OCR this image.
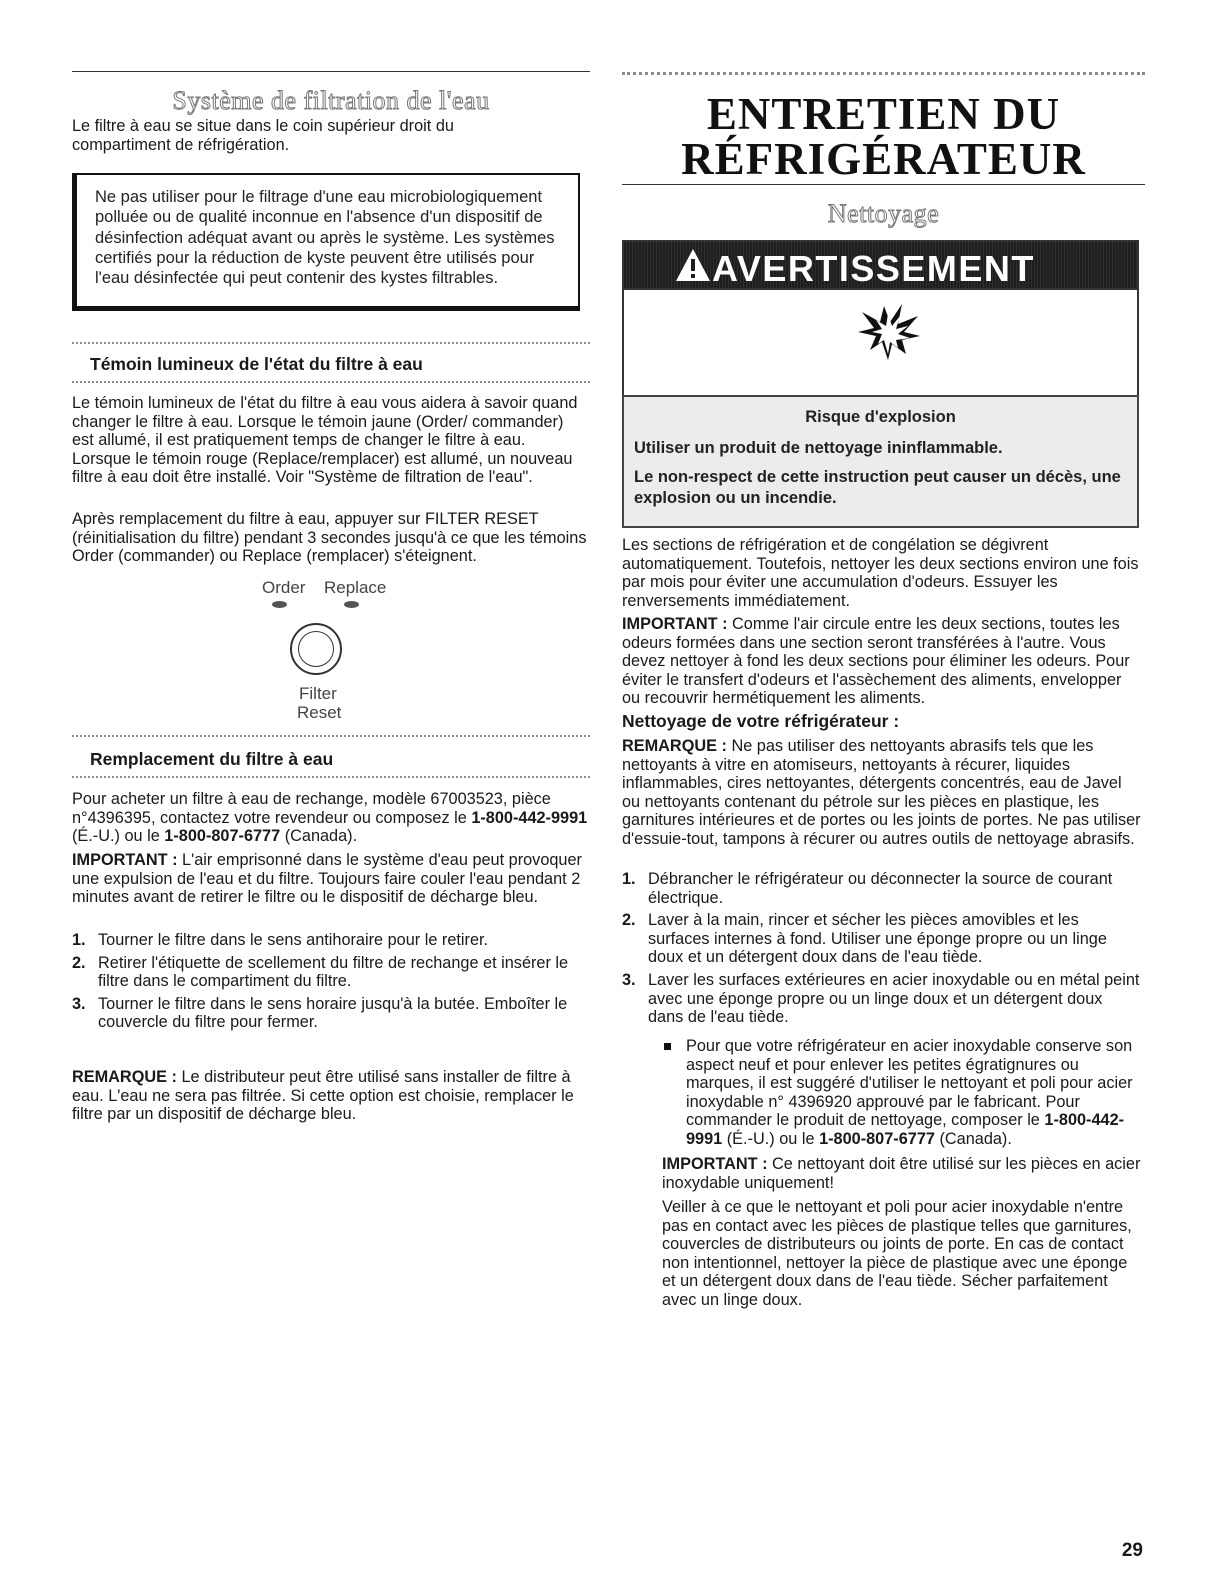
Système de filtration de l'eau

Le filtre à eau se situe dans le coin supérieur droit du compartiment de réfrigération.

Ne pas utiliser pour le filtrage d'une eau microbiologiquement polluée ou de qualité inconnue en l'absence d'un dispositif de désinfection adéquat avant ou après le système. Les systèmes certifiés pour la réduction de kyste peuvent être utilisés pour l'eau désinfectée qui peut contenir des kystes filtrables.

Témoin lumineux de l'état du filtre à eau

Le témoin lumineux de l'état du filtre à eau vous aidera à savoir quand changer le filtre à eau. Lorsque le témoin jaune (Order/ commander) est allumé, il est pratiquement temps de changer le filtre à eau. Lorsque le témoin rouge (Replace/remplacer) est allumé, un nouveau filtre à eau doit être installé. Voir "Système de filtration de l'eau".

Après remplacement du filtre à eau, appuyer sur FILTER RESET (réinitialisation du filtre) pendant 3 secondes jusqu'à ce que les témoins Order (commander) ou Replace (remplacer) s'éteignent.

Order Replace
Filter
Reset
Remplacement du filtre à eau

Pour acheter un filtre à eau de rechange, modèle 67003523, pièce n°4396395, contactez votre revendeur ou composez le 1-800-442-9991 (É.-U.) ou le 1-800-807-6777 (Canada).

IMPORTANT : L'air emprisonné dans le système d'eau peut provoquer une expulsion de l'eau et du filtre. Toujours faire couler l'eau pendant 2 minutes avant de retirer le filtre ou le dispositif de décharge bleu.

1. Tourner le filtre dans le sens antihoraire pour le retirer.
2. Retirer l'étiquette de scellement du filtre de rechange et insérer le filtre dans le compartiment du filtre.
3. Tourner le filtre dans le sens horaire jusqu'à la butée. Emboîter le couvercle du filtre pour fermer.

REMARQUE : Le distributeur peut être utilisé sans installer de filtre à eau. L'eau ne sera pas filtrée. Si cette option est choisie, remplacer le filtre par un dispositif de décharge bleu.

ENTRETIEN DU
RÉFRIGÉRATEUR
Nettoyage
AVERTISSEMENT
Risque d'explosion
Utiliser un produit de nettoyage ininflammable.
Le non-respect de cette instruction peut causer un décès, une explosion ou un incendie.

Les sections de réfrigération et de congélation se dégivrent automatiquement. Toutefois, nettoyer les deux sections environ une fois par mois pour éviter une accumulation d'odeurs. Essuyer les renversements immédiatement.

IMPORTANT : Comme l'air circule entre les deux sections, toutes les odeurs formées dans une section seront transférées à l'autre. Vous devez nettoyer à fond les deux sections pour éliminer les odeurs. Pour éviter le transfert d'odeurs et l'assèchement des aliments, envelopper ou recouvrir hermétiquement les aliments.

Nettoyage de votre réfrigérateur :

REMARQUE : Ne pas utiliser des nettoyants abrasifs tels que les nettoyants à vitre en atomiseurs, nettoyants à récurer, liquides inflammables, cires nettoyantes, détergents concentrés, eau de Javel ou nettoyants contenant du pétrole sur les pièces en plastique, les garnitures intérieures et de portes ou les joints de portes. Ne pas utiliser d'essuie-tout, tampons à récurer ou autres outils de nettoyage abrasifs.

1. Débrancher le réfrigérateur ou déconnecter la source de courant électrique.
2. Laver à la main, rincer et sécher les pièces amovibles et les surfaces internes à fond. Utiliser une éponge propre ou un linge doux et un détergent doux dans de l'eau tiède.
3. Laver les surfaces extérieures en acier inoxydable ou en métal peint avec une éponge propre ou un linge doux et un détergent doux dans de l'eau tiède.
Pour que votre réfrigérateur en acier inoxydable conserve son aspect neuf et pour enlever les petites égratignures ou marques, il est suggéré d'utiliser le nettoyant et poli pour acier inoxydable n° 4396920 approuvé par le fabricant. Pour commander le produit de nettoyage, composer le 1-800-442-9991 (É.-U.) ou le 1-800-807-6777 (Canada).

IMPORTANT : Ce nettoyant doit être utilisé sur les pièces en acier inoxydable uniquement!

Veiller à ce que le nettoyant et poli pour acier inoxydable n'entre pas en contact avec les pièces de plastique telles que garnitures, couvercles de distributeurs ou joints de porte. En cas de contact non intentionnel, nettoyer la pièce de plastique avec une éponge et un détergent doux dans de l'eau tiède. Sécher parfaitement avec un linge doux.

29
